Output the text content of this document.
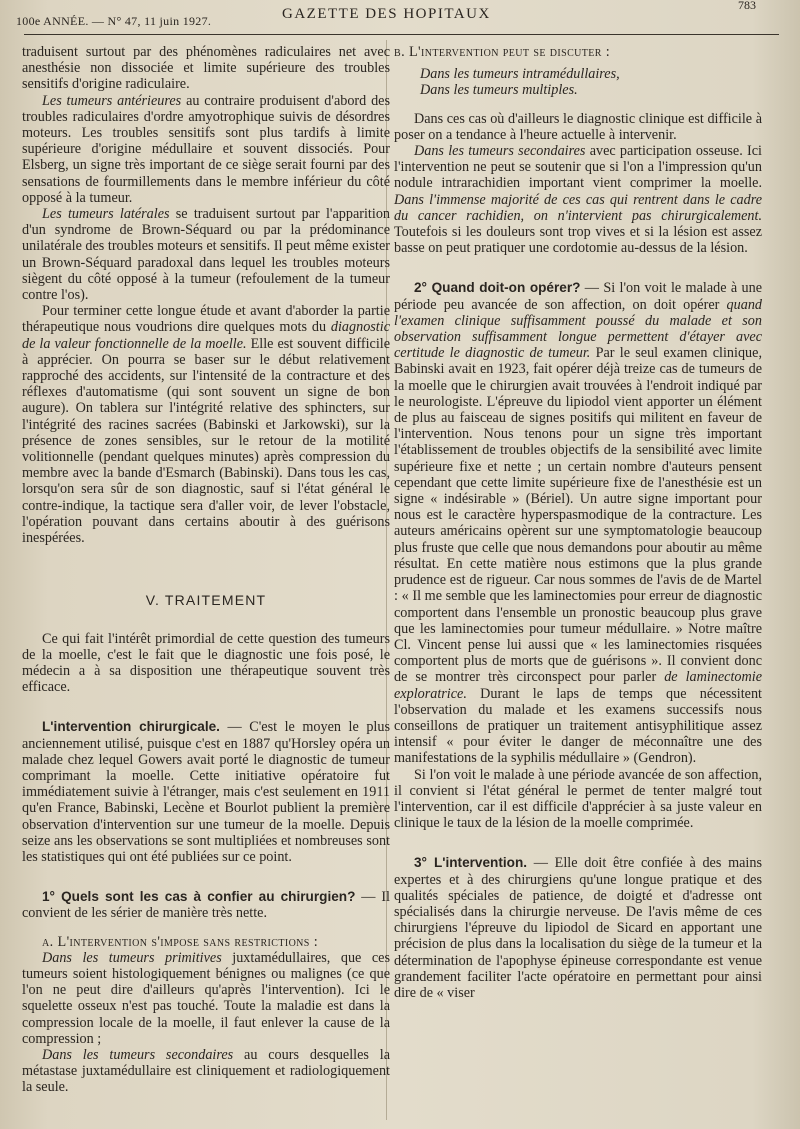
100e ANNÉE. — N° 47, 11 juin 1927.	GAZETTE DES HOPITAUX
783

traduisent surtout par des phénomènes radiculaires net avec anesthésie non dissociée et limite supérieure des troubles sensitifs d'origine radiculaire.

Les tumeurs antérieures au contraire produisent d'abord des troubles radiculaires d'ordre amyotrophique suivis de désordres moteurs. Les troubles sensitifs sont plus tardifs à limite supérieure d'origine médullaire et souvent dissociés. Pour Elsberg, un signe très important de ce siège serait fourni par des sensations de fourmillements dans le membre inférieur du côté opposé à la tumeur.

Les tumeurs latérales se traduisent surtout par l'apparition d'un syndrome de Brown-Séquard ou par la prédominance unilatérale des troubles moteurs et sensitifs. Il peut même exister un Brown-Séquard paradoxal dans lequel les troubles moteurs siègent du côté opposé à la tumeur (refoulement de la tumeur contre l'os).

Pour terminer cette longue étude et avant d'aborder la partie thérapeutique nous voudrions dire quelques mots du diagnostic de la valeur fonctionnelle de la moelle. Elle est souvent difficile à apprécier. On pourra se baser sur le début relativement rapproché des accidents, sur l'intensité de la contracture et des réflexes d'automatisme (qui sont souvent un signe de bon augure). On tablera sur l'intégrité relative des sphincters, sur l'intégrité des racines sacrées (Babinski et Jarkowski), sur la présence de zones sensibles, sur le retour de la motilité volitionnelle (pendant quelques minutes) après compression du membre avec la bande d'Esmarch (Babinski). Dans tous les cas, lorsqu'on sera sûr de son diagnostic, sauf si l'état général le contre-indique, la tactique sera d'aller voir, de lever l'obstacle, l'opération pouvant dans certains aboutir à des guérisons inespérées.

V. TRAITEMENT

Ce qui fait l'intérêt primordial de cette question des tumeurs de la moelle, c'est le fait que le diagnostic une fois posé, le médecin a à sa disposition une thérapeutique souvent très efficace.

L'intervention chirurgicale. — C'est le moyen le plus anciennement utilisé, puisque c'est en 1887 qu'Horsley opéra un malade chez lequel Gowers avait porté le diagnostic de tumeur comprimant la moelle. Cette initiative opératoire fut immédiatement suivie à l'étranger, mais c'est seulement en 1911 qu'en France, Babinski, Lecène et Bourlot publient la première observation d'intervention sur une tumeur de la moelle. Depuis seize ans les observations se sont multipliées et nombreuses sont les statistiques qui ont été publiées sur ce point.

1° Quels sont les cas à confier au chirurgien? — Il convient de les sérier de manière très nette.

a. L'intervention s'impose sans restrictions :

Dans les tumeurs primitives juxtamédullaires, que ces tumeurs soient histologiquement bénignes ou malignes (ce que l'on ne peut dire d'ailleurs qu'après l'intervention). Ici le squelette osseux n'est pas touché. Toute la maladie est dans la compression locale de la moelle, il faut enlever la cause de la compression ;

Dans les tumeurs secondaires au cours desquelles la métastase juxtamédullaire est cliniquement et radiologiquement la seule.

b. L'intervention peut se discuter :

Dans les tumeurs intramédullaires,

Dans les tumeurs multiples.

Dans ces cas où d'ailleurs le diagnostic clinique est difficile à poser on a tendance à l'heure actuelle à intervenir.

Dans les tumeurs secondaires avec participation osseuse. Ici l'intervention ne peut se soutenir que si l'on a l'impression qu'un nodule intrarachidien important vient comprimer la moelle. Dans l'immense majorité de ces cas qui rentrent dans le cadre du cancer rachidien, on n'intervient pas chirurgicalement. Toutefois si les douleurs sont trop vives et si la lésion est assez basse on peut pratiquer une cordotomie au-dessus de la lésion.

2° Quand doit-on opérer? — Si l'on voit le malade à une période peu avancée de son affection, on doit opérer quand l'examen clinique suffisamment poussé du malade et son observation suffisamment longue permettent d'étayer avec certitude le diagnostic de tumeur. Par le seul examen clinique, Babinski avait en 1923, fait opérer déjà treize cas de tumeurs de la moelle que le chirurgien avait trouvées à l'endroit indiqué par le neurologiste. L'épreuve du lipiodol vient apporter un élément de plus au faisceau de signes positifs qui militent en faveur de l'intervention. Nous tenons pour un signe très important l'établissement de troubles objectifs de la sensibilité avec limite supérieure fixe et nette ; un certain nombre d'auteurs pensent cependant que cette limite supérieure fixe de l'anesthésie est un signe « indésirable » (Bériel). Un autre signe important pour nous est le caractère hyperspasmodique de la contracture. Les auteurs américains opèrent sur une symptomatologie beaucoup plus fruste que celle que nous demandons pour aboutir au même résultat. En cette matière nous estimons que la plus grande prudence est de rigueur. Car nous sommes de l'avis de de Martel : « Il me semble que les laminectomies pour erreur de diagnostic comportent dans l'ensemble un pronostic beaucoup plus grave que les laminectomies pour tumeur médullaire. » Notre maître Cl. Vincent pense lui aussi que « les laminectomies risquées comportent plus de morts que de guérisons ». Il convient donc de se montrer très circonspect pour parler de laminectomie exploratrice. Durant le laps de temps que nécessitent l'observation du malade et les examens successifs nous conseillons de pratiquer un traitement antisyphilitique assez intensif « pour éviter le danger de méconnaître une des manifestations de la syphilis médullaire » (Gendron).

Si l'on voit le malade à une période avancée de son affection, il convient si l'état général le permet de tenter malgré tout l'intervention, car il est difficile d'apprécier à sa juste valeur en clinique le taux de la lésion de la moelle comprimée.

3° L'intervention. — Elle doit être confiée à des mains expertes et à des chirurgiens qu'une longue pratique et des qualités spéciales de patience, de doigté et d'adresse ont spécialisés dans la chirurgie nerveuse. De l'avis même de ces chirurgiens l'épreuve du lipiodol de Sicard en apportant une précision de plus dans la localisation du siège de la tumeur et la détermination de l'apophyse épineuse correspondante est venue grandement faciliter l'acte opératoire en permettant pour ainsi dire de « viser
